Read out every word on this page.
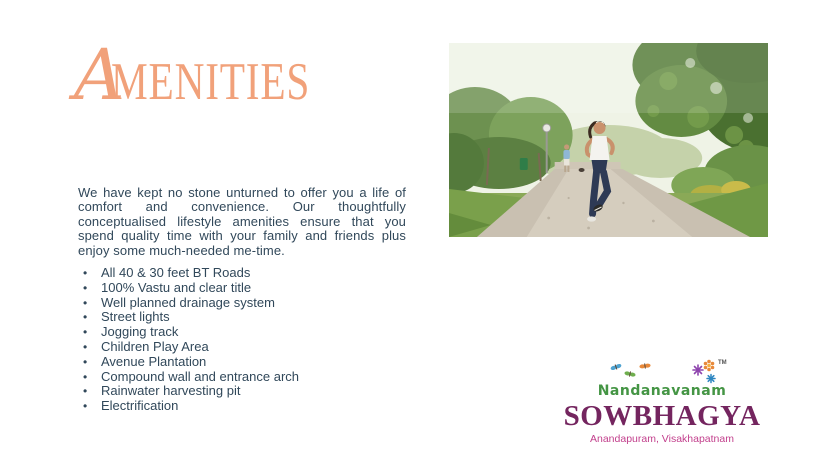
A
MENITIES

We have kept no stone unturned to offer you a life of comfort and convenience. Our thoughtfully conceptualised lifestyle amenities ensure that you spend quality time with your family and friends plus enjoy some much-needed me-time.

• All 40 & 30 feet BT Roads
• 100% Vastu and clear title
• Well planned drainage system
• Street lights
• Jogging track
• Children Play Area
• Avenue Plantation
• Compound wall and entrance arch
• Rainwater harvesting pit
• Electrification
TM
Nandanavanam
SOWBHAGYA
Anandapuram, Visakhapatnam
